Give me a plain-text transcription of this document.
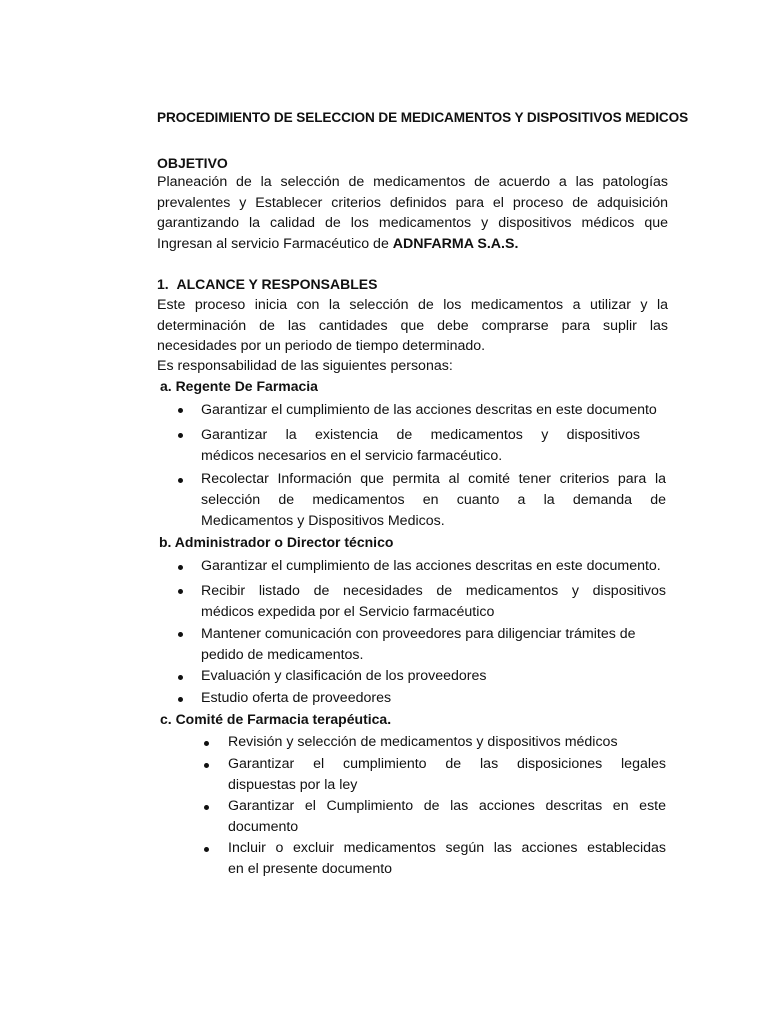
PROCEDIMIENTO DE SELECCION DE MEDICAMENTOS Y DISPOSITIVOS MEDICOS
OBJETIVO
Planeación de la selección de medicamentos de acuerdo a las patologías
prevalentes y Establecer criterios definidos para el proceso de adquisición
garantizando la calidad de los medicamentos y dispositivos médicos que
Ingresan al servicio Farmacéutico de ADNFARMA S.A.S.
1. ALCANCE Y RESPONSABLES
Este proceso inicia con la selección de los medicamentos a utilizar y la
determinación de las cantidades que debe comprarse para suplir las
necesidades por un periodo de tiempo determinado.
Es responsabilidad de las siguientes personas:
a. Regente De Farmacia
Garantizar el cumplimiento de las acciones descritas en este documento
Garantizar la existencia de medicamentos y dispositivos
médicos necesarios en el servicio farmacéutico.
Recolectar Información que permita al comité tener criterios para la
selección de medicamentos en cuanto a la demanda de
Medicamentos y Dispositivos Medicos.
b. Administrador o Director técnico
Garantizar el cumplimiento de las acciones descritas en este documento.
Recibir listado de necesidades de medicamentos y dispositivos
médicos expedida por el Servicio farmacéutico
Mantener comunicación con proveedores para diligenciar trámites de
pedido de medicamentos.
Evaluación y clasificación de los proveedores
Estudio oferta de proveedores
c. Comité de Farmacia terapéutica.
Revisión y selección de medicamentos y dispositivos médicos
Garantizar el cumplimiento de las disposiciones legales
dispuestas por la ley
Garantizar el Cumplimiento de las acciones descritas en este
documento
Incluir o excluir medicamentos según las acciones establecidas
en el presente documento
